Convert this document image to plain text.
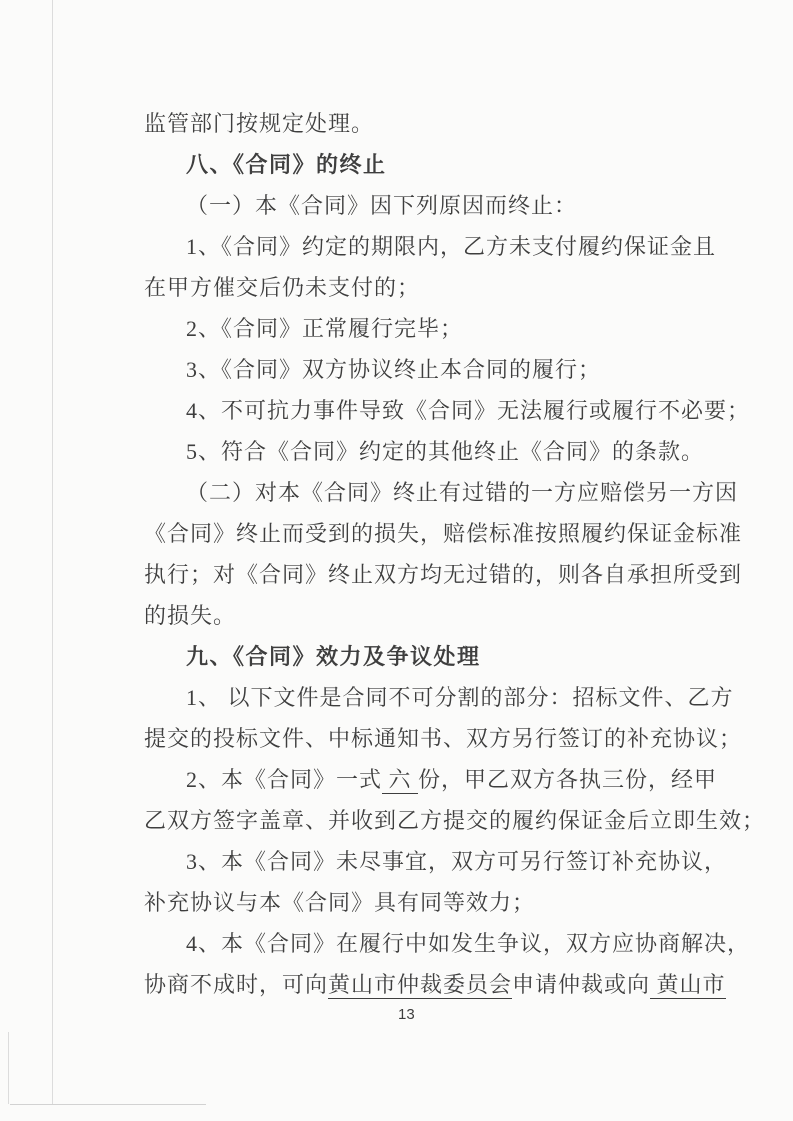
监管部门按规定处理。
八、《合同》的终止
（一）本《合同》因下列原因而终止：
1、《合同》约定的期限内，乙方未支付履约保证金且
在甲方催交后仍未支付的；
2、《合同》正常履行完毕；
3、《合同》双方协议终止本合同的履行；
4、不可抗力事件导致《合同》无法履行或履行不必要；
5、符合《合同》约定的其他终止《合同》的条款。
（二）对本《合同》终止有过错的一方应赔偿另一方因
《合同》终止而受到的损失，赔偿标准按照履约保证金标准
执行；对《合同》终止双方均无过错的，则各自承担所受到
的损失。
九、《合同》效力及争议处理
1、 以下文件是合同不可分割的部分：招标文件、乙方
提交的投标文件、中标通知书、双方另行签订的补充协议；
2、本《合同》一式 六 份，甲乙双方各执三份，经甲
乙双方签字盖章、并收到乙方提交的履约保证金后立即生效；
3、本《合同》未尽事宜，双方可另行签订补充协议，
补充协议与本《合同》具有同等效力；
4、本《合同》在履行中如发生争议，双方应协商解决，
协商不成时，可向黄山市仲裁委员会申请仲裁或向 黄山市
13
